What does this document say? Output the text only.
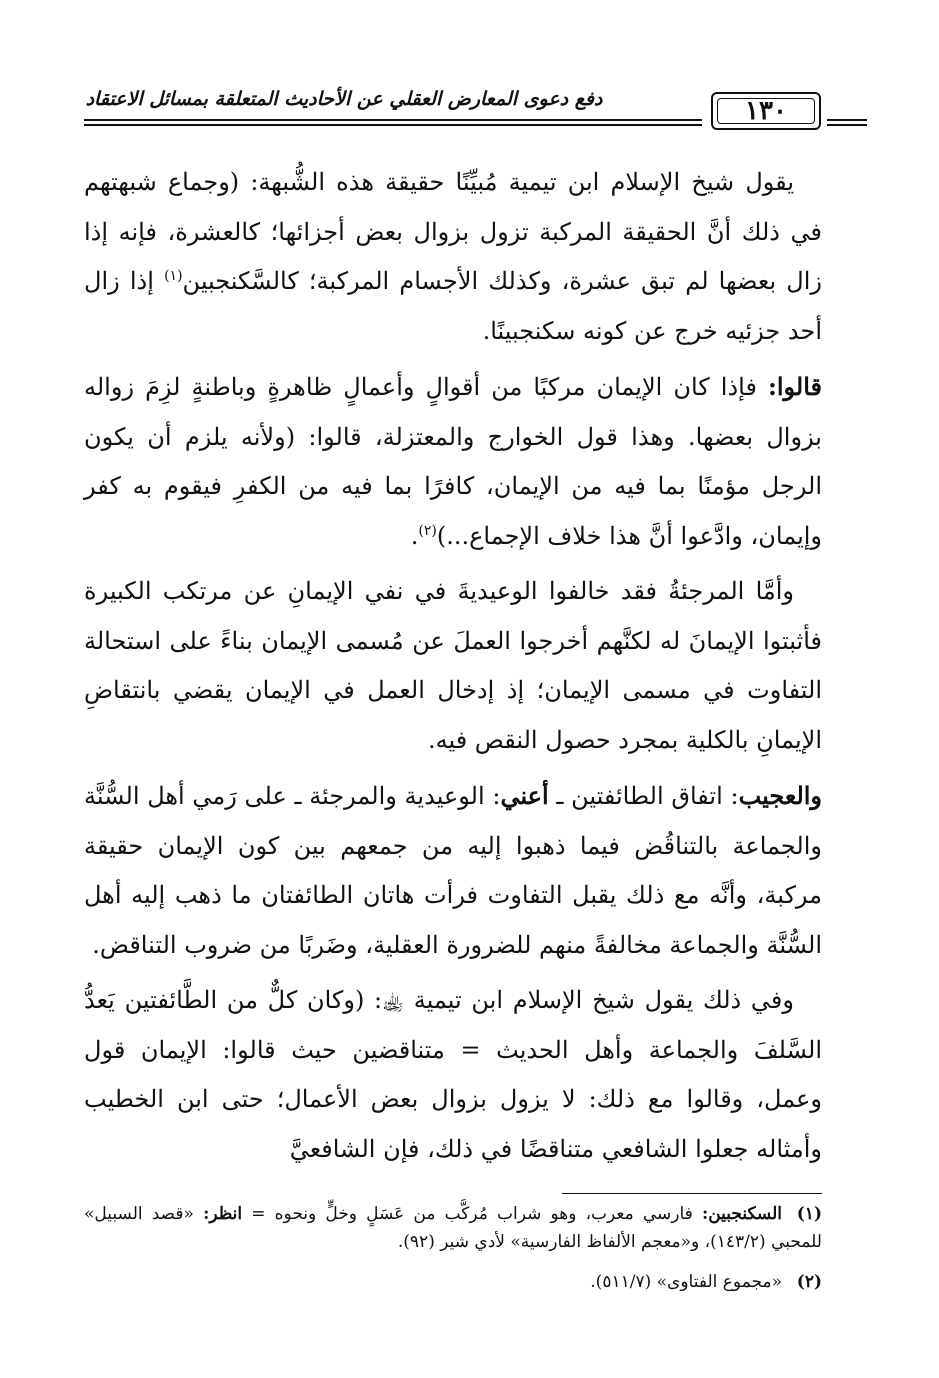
دفع دعوى المعارض العقلي عن الأحاديث المتعلقة بمسائل الاعتقاد	١٣٠

يقول شيخ الإسلام ابن تيمية مُبيِّنًا حقيقة هذه الشُّبهة: (وجماع شبهتهم في ذلك أنَّ الحقيقة المركبة تزول بزوال بعض أجزائها؛ كالعشرة، فإنه إذا زال بعضها لم تبق عشرة، وكذلك الأجسام المركبة؛ كالسَّكنجبين$^{(١)}$ إذا زال أحد جزئيه خرج عن كونه سكنجبينًا.

قالوا: فإذا كان الإيمان مركبًا من أقوالٍ وأعمالٍ ظاهرةٍ وباطنةٍ لزِمَ زواله بزوال بعضها. وهذا قول الخوارج والمعتزلة، قالوا: (ولأنه يلزم أن يكون الرجل مؤمنًا بما فيه من الإيمان، كافرًا بما فيه من الكفرِ فيقوم به كفر وإيمان، وادَّعوا أنَّ هذا خلاف الإجماع...)$^{(٢)}$.

وأمَّا المرجئةُ فقد خالفوا الوعيديةَ في نفي الإيمانِ عن مرتكب الكبيرة فأثبتوا الإيمانَ له لكنَّهم أخرجوا العملَ عن مُسمى الإيمان بناءً على استحالة التفاوت في مسمى الإيمان؛ إذ إدخال العمل في الإيمان يقضي بانتقاضِ الإيمانِ بالكلية بمجرد حصول النقص فيه.

والعجيب: اتفاق الطائفتين ـ أعني: الوعيدية والمرجئة ـ على رَمي أهل السُّنَّة والجماعة بالتناقُض فيما ذهبوا إليه من جمعهم بين كون الإيمان حقيقة مركبة، وأنَّه مع ذلك يقبل التفاوت فرأت هاتان الطائفتان ما ذهب إليه أهل السُّنَّة والجماعة مخالفةً منهم للضرورة العقلية، وضَربًا من ضروب التناقض.

وفي ذلك يقول شيخ الإسلام ابن تيمية ﵀: (وكان كلٌّ من الطَّائفتين يَعدُّ السَّلفَ والجماعة وأهل الحديث = متناقضين حيث قالوا: الإيمان قول وعمل، وقالوا مع ذلك: لا يزول بزوال بعض الأعمال؛ حتى ابن الخطيب وأمثاله جعلوا الشافعي متناقضًا في ذلك، فإن الشافعيَّ

(١)السكنجبين: فارسي معرب، وهو شراب مُركَّب من عَسَلٍ وخلٍّ ونحوه = انظر: «قصد السبيل» للمحبي (١٤٣/٢)، و«معجم الألفاظ الفارسية» لأدي شير (٩٢).

(٢)«مجموع الفتاوى» (٥١١/٧).
